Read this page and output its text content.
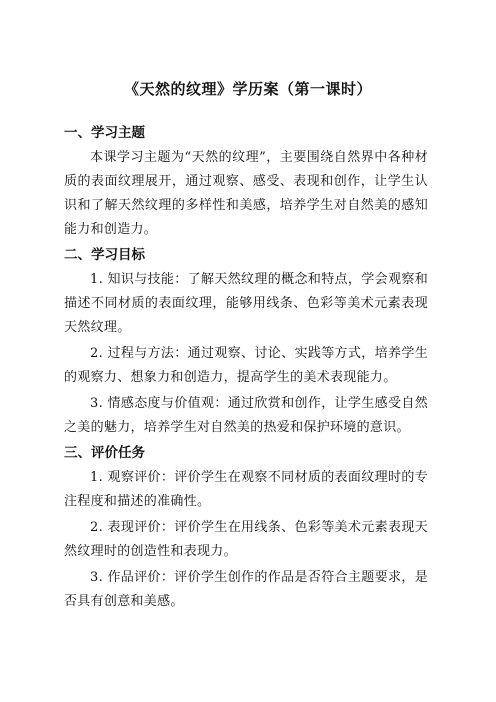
《天然的纹理》学历案（第一课时）
一、学习主题

本课学习主题为“天然的纹理”，主要围绕自然界中各种材质的表面纹理展开，通过观察、感受、表现和创作，让学生认识和了解天然纹理的多样性和美感，培养学生对自然美的感知能力和创造力。

二、学习目标

1. 知识与技能：了解天然纹理的概念和特点，学会观察和描述不同材质的表面纹理，能够用线条、色彩等美术元素表现天然纹理。

2. 过程与方法：通过观察、讨论、实践等方式，培养学生的观察力、想象力和创造力，提高学生的美术表现能力。

3. 情感态度与价值观：通过欣赏和创作，让学生感受自然之美的魅力，培养学生对自然美的热爱和保护环境的意识。

三、评价任务

1. 观察评价：评价学生在观察不同材质的表面纹理时的专注程度和描述的准确性。

2. 表现评价：评价学生在用线条、色彩等美术元素表现天然纹理时的创造性和表现力。

3. 作品评价：评价学生创作的作品是否符合主题要求，是否具有创意和美感。
